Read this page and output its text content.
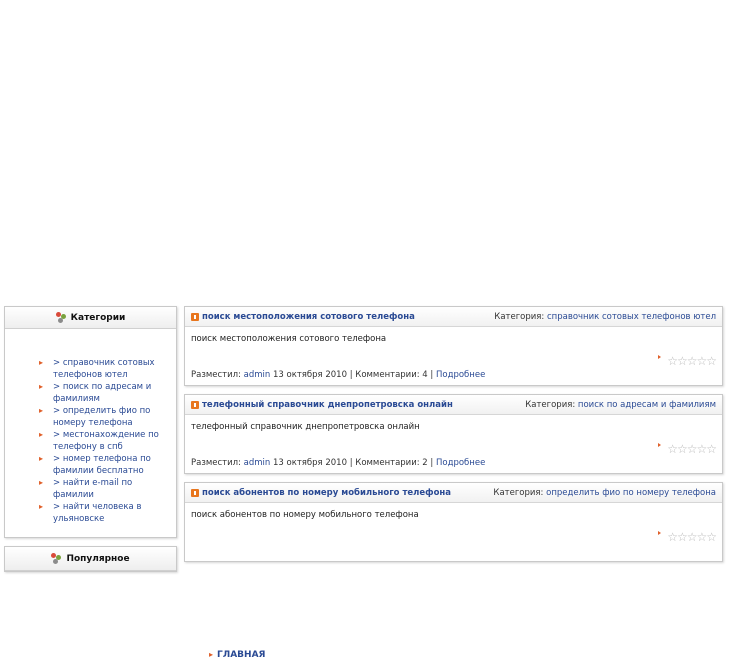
Категории
▸ ГЛАВНАЯ
▸ > справочник сотовых телефонов ютел
▸ > поиск по адресам и фамилиям
▸ > определить фио по номеру телефона
▸ > местонахождение по телефону в спб
▸ > номер телефона по фамилии бесплатно
▸ > найти e-mail по фамилии
▸ > найти человека в ульяновске
Популярное
поиск местоположения сотового телефона	Категория: справочник сотовых телефонов ютел
поиск местоположения сотового телефона
☆☆☆☆☆
Разместил: admin 13 октября 2010 | Комментарии: 4 | Подробнее
телефонный справочник днепропетровска онлайн	Категория: поиск по адресам и фамилиям
телефонный справочник днепропетровска онлайн
☆☆☆☆☆
Разместил: admin 13 октября 2010 | Комментарии: 2 | Подробнее
поиск абонентов по номеру мобильного телефона	Категория: определить фио по номеру телефона
поиск абонентов по номеру мобильного телефона
☆☆☆☆☆
